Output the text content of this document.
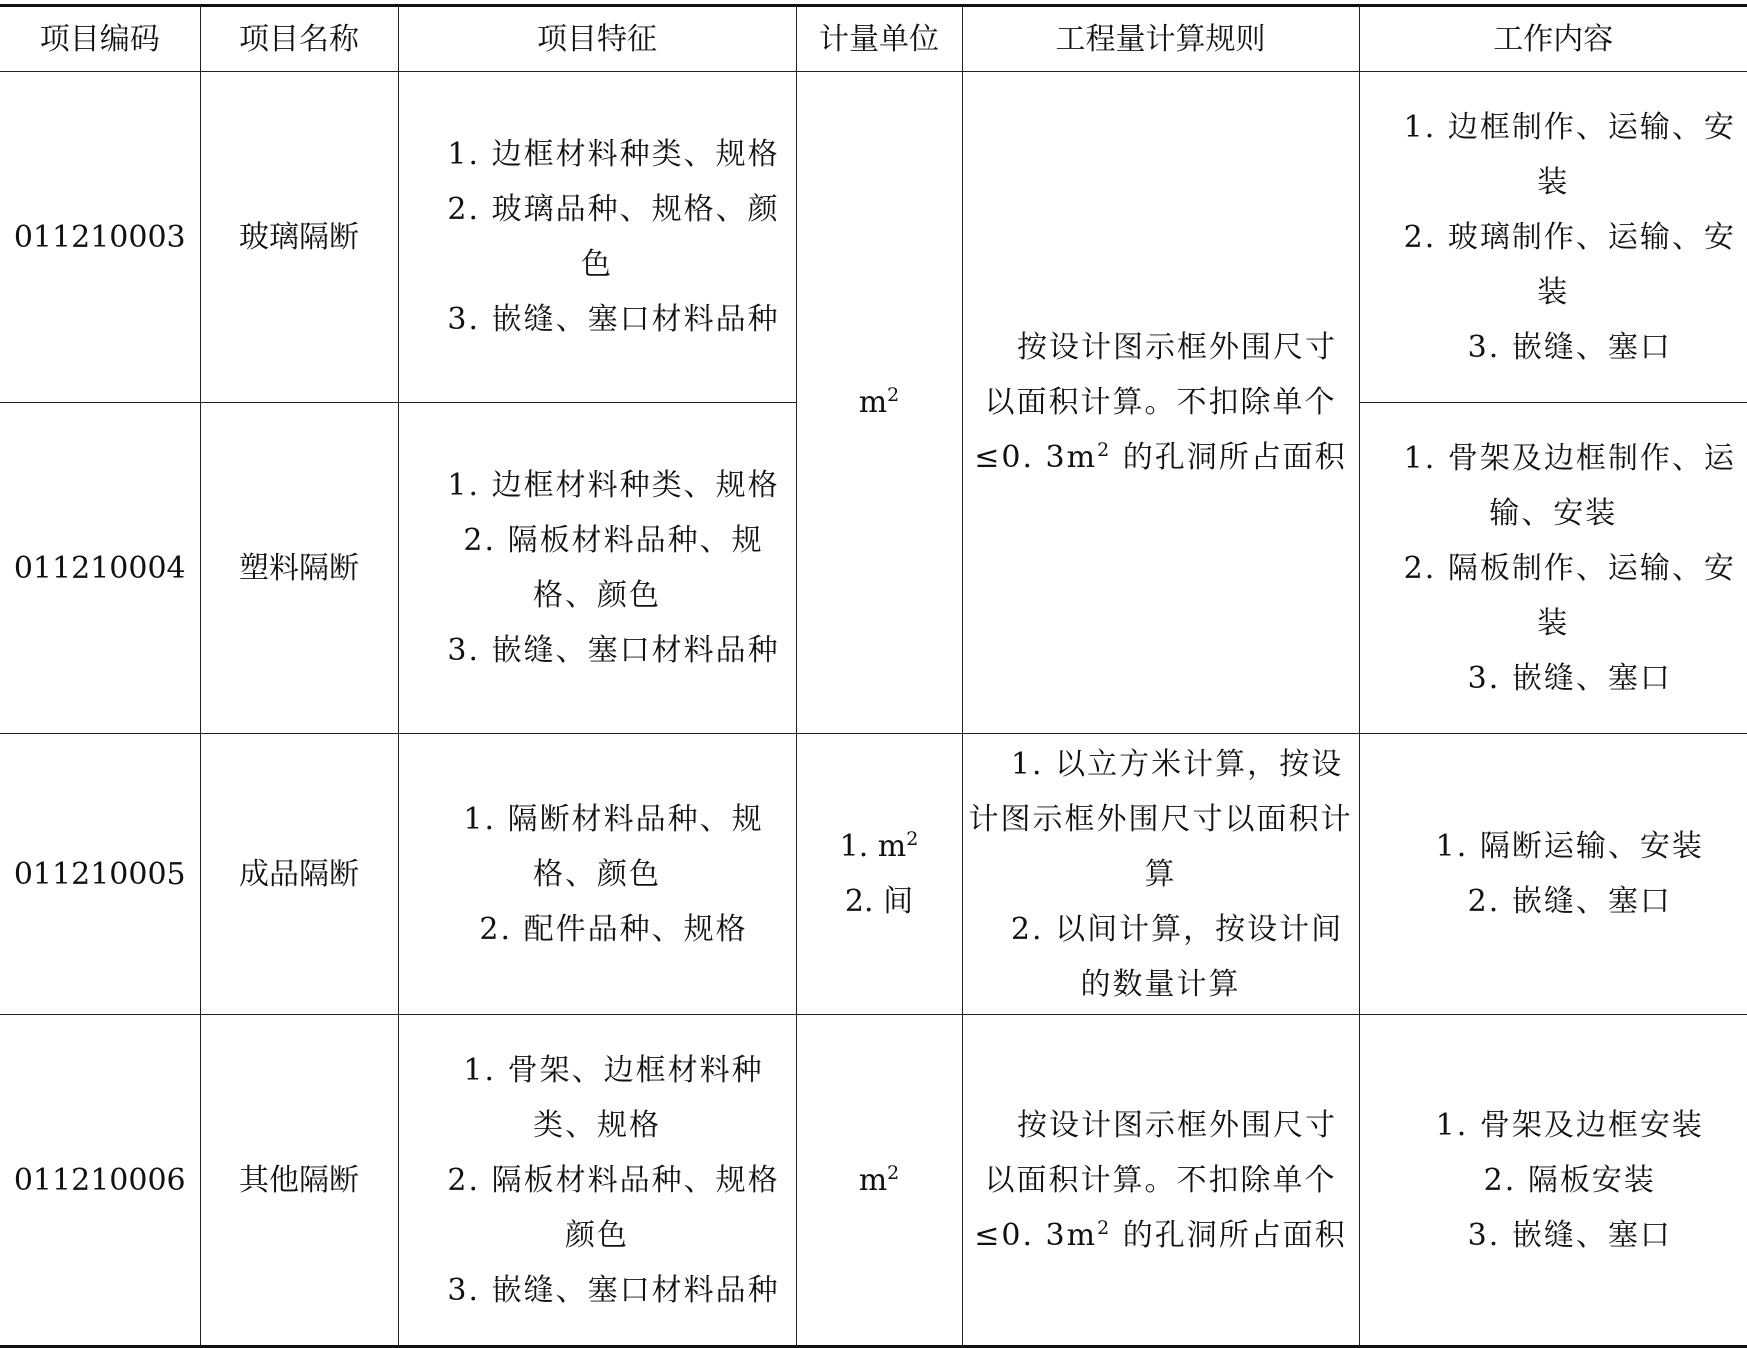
项目编码	项目名称	项目特征	计量单位	工程量计算规则	工作内容
011210003	玻璃隔断	1. 边框材料种类、规格
2. 玻璃品种、规格、颜色
3. 嵌缝、塞口材料品种	$m^2$	按设计图示框外围尺寸以面积计算。不扣除单个≤0. $3m^2$ 的孔洞所占面积	1. 边框制作、运输、安装
2. 玻璃制作、运输、安装
3. 嵌缝、塞口

011210004	塑料隔断	1. 边框材料种类、规格
2. 隔板材料品种、规格、颜色
3. 嵌缝、塞口材料品种			1. 骨架及边框制作、运输、安装
2. 隔板制作、运输、安装
3. 嵌缝、塞口

011210005	成品隔断	1. 隔断材料品种、规格、颜色
2. 配件品种、规格	1. $m^2$
2. 间	1. 以立方米计算，按设计图示框外围尺寸以面积计算
2. 以间计算，按设计间的数量计算	1. 隔断运输、安装
2. 嵌缝、塞口

011210006	其他隔断	1. 骨架、边框材料种类、规格
2. 隔板材料品种、规格颜色
3. 嵌缝、塞口材料品种	$m^2$	按设计图示框外围尺寸以面积计算。不扣除单个≤0. $3m^2$ 的孔洞所占面积	1. 骨架及边框安装
2. 隔板安装
3. 嵌缝、塞口
